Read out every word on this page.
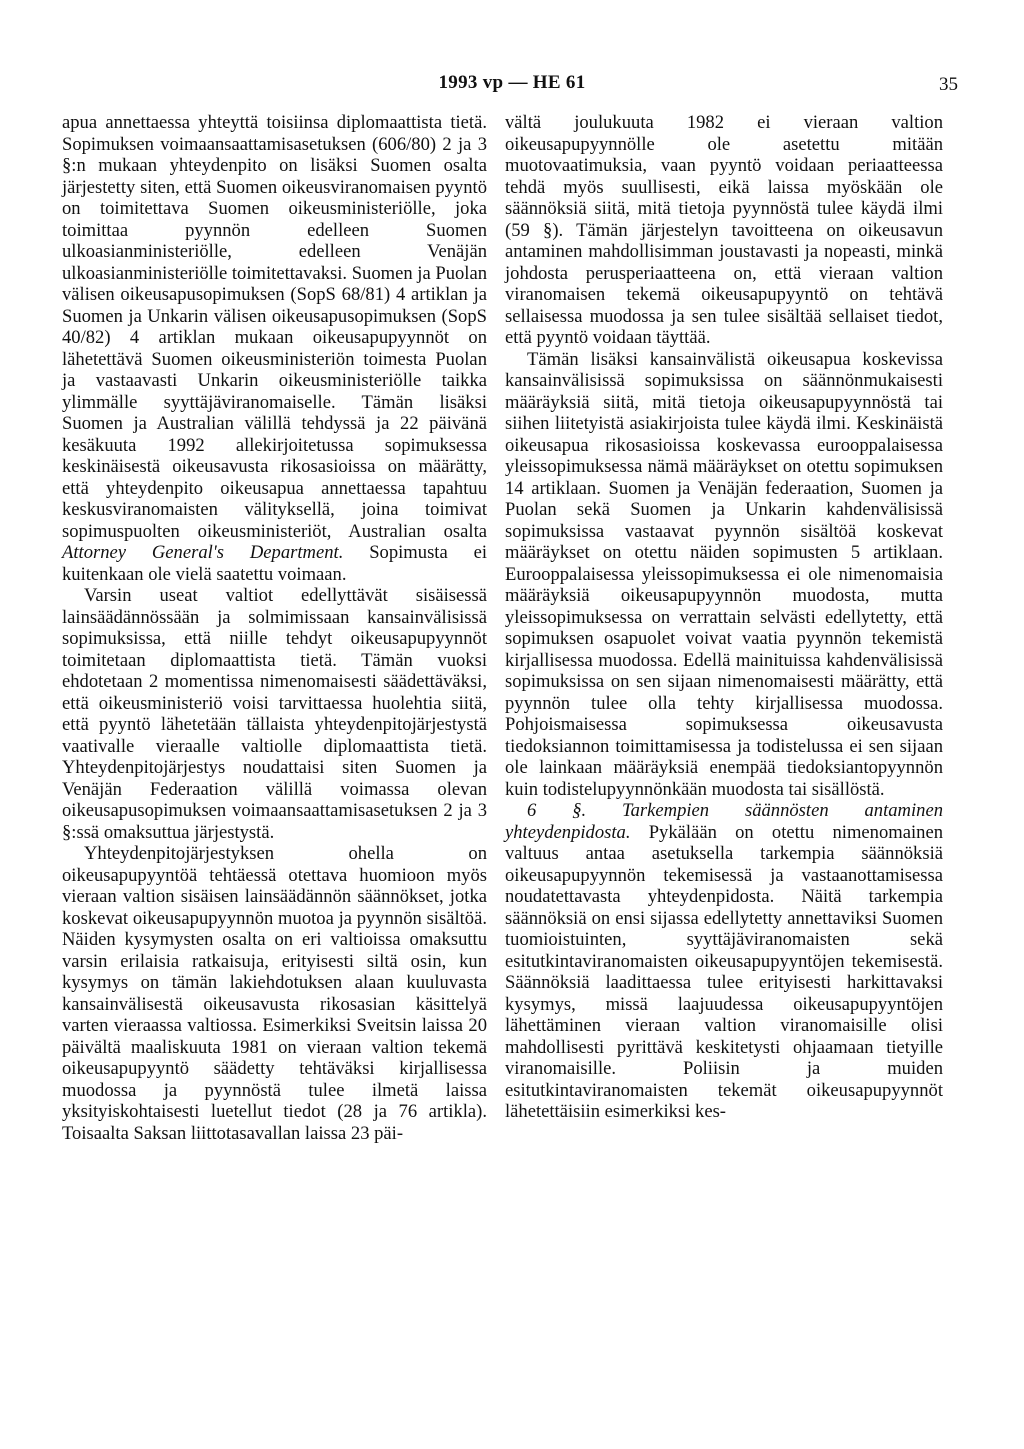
1993 vp — HE 61	35

apua annettaessa yhteyttä toisiinsa diplomaattista tietä. Sopimuksen voimaansaattamisasetuksen (606/80) 2 ja 3 §:n mukaan yhteydenpito on lisäksi Suomen osalta järjestetty siten, että Suomen oikeusviranomaisen pyyntö on toimitettava Suomen oikeusministeriölle, joka toimittaa pyynnön edelleen Suomen ulkoasianministeriölle, edelleen Venäjän ulkoasianministeriölle toimitettavaksi. Suomen ja Puolan välisen oikeusapusopimuksen (SopS 68/81) 4 artiklan ja Suomen ja Unkarin välisen oikeusapusopimuksen (SopS 40/82) 4 artiklan mukaan oikeusapupyynnöt on lähetettävä Suomen oikeusministeriön toimesta Puolan ja vastaavasti Unkarin oikeusministeriölle taikka ylimmälle syyttäjäviranomaiselle. Tämän lisäksi Suomen ja Australian välillä tehdyssä ja 22 päivänä kesäkuuta 1992 allekirjoitetussa sopimuksessa keskinäisestä oikeusavusta rikosasioissa on määrätty, että yhteydenpito oikeusapua annettaessa tapahtuu keskusviranomaisten välityksellä, joina toimivat sopimuspuolten oikeusministeriöt, Australian osalta Attorney General's Department. Sopimusta ei kuitenkaan ole vielä saatettu voimaan.

Varsin useat valtiot edellyttävät sisäisessä lainsäädännössään ja solmimissaan kansainvälisissä sopimuksissa, että niille tehdyt oikeusapupyynnöt toimitetaan diplomaattista tietä. Tämän vuoksi ehdotetaan 2 momentissa nimenomaisesti säädettäväksi, että oikeusministeriö voisi tarvittaessa huolehtia siitä, että pyyntö lähetetään tällaista yhteydenpitojärjestystä vaativalle vieraalle valtiolle diplomaattista tietä. Yhteydenpitojärjestys noudattaisi siten Suomen ja Venäjän Federaation välillä voimassa olevan oikeusapusopimuksen voimaansaattamisasetuksen 2 ja 3 §:ssä omaksuttua järjestystä.

Yhteydenpitojärjestyksen ohella on oikeusapupyyntöä tehtäessä otettava huomioon myös vieraan valtion sisäisen lainsäädännön säännökset, jotka koskevat oikeusapupyynnön muotoa ja pyynnön sisältöä. Näiden kysymysten osalta on eri valtioissa omaksuttu varsin erilaisia ratkaisuja, erityisesti siltä osin, kun kysymys on tämän lakiehdotuksen alaan kuuluvasta kansainvälisestä oikeusavusta rikosasian käsittelyä varten vieraassa valtiossa. Esimerkiksi Sveitsin laissa 20 päivältä maaliskuuta 1981 on vieraan valtion tekemä oikeusapupyyntö säädetty tehtäväksi kirjallisessa muodossa ja pyynnöstä tulee ilmetä laissa yksityiskohtaisesti luetellut tiedot (28 ja 76 artikla). Toisaalta Saksan liittotasavallan laissa 23 päi-

vältä joulukuuta 1982 ei vieraan valtion oikeusapupyynnölle ole asetettu mitään muotovaatimuksia, vaan pyyntö voidaan periaatteessa tehdä myös suullisesti, eikä laissa myöskään ole säännöksiä siitä, mitä tietoja pyynnöstä tulee käydä ilmi (59 §). Tämän järjestelyn tavoitteena on oikeusavun antaminen mahdollisimman joustavasti ja nopeasti, minkä johdosta perusperiaatteena on, että vieraan valtion viranomaisen tekemä oikeusapupyyntö on tehtävä sellaisessa muodossa ja sen tulee sisältää sellaiset tiedot, että pyyntö voidaan täyttää.

Tämän lisäksi kansainvälistä oikeusapua koskevissa kansainvälisissä sopimuksissa on säännönmukaisesti määräyksiä siitä, mitä tietoja oikeusapupyynnöstä tai siihen liitetyistä asiakirjoista tulee käydä ilmi. Keskinäistä oikeusapua rikosasioissa koskevassa eurooppalaisessa yleissopimuksessa nämä määräykset on otettu sopimuksen 14 artiklaan. Suomen ja Venäjän federaation, Suomen ja Puolan sekä Suomen ja Unkarin kahdenvälisissä sopimuksissa vastaavat pyynnön sisältöä koskevat määräykset on otettu näiden sopimusten 5 artiklaan. Eurooppalaisessa yleissopimuksessa ei ole nimenomaisia määräyksiä oikeusapupyynnön muodosta, mutta yleissopimuksessa on verrattain selvästi edellytetty, että sopimuksen osapuolet voivat vaatia pyynnön tekemistä kirjallisessa muodossa. Edellä mainituissa kahdenvälisissä sopimuksissa on sen sijaan nimenomaisesti määrätty, että pyynnön tulee olla tehty kirjallisessa muodossa. Pohjoismaisessa sopimuksessa oikeusavusta tiedoksiannon toimittamisessa ja todistelussa ei sen sijaan ole lainkaan määräyksiä enempää tiedoksiantopyynnön kuin todistelupyynnönkään muodosta tai sisällöstä.

6 §. Tarkempien säännösten antaminen yhteydenpidosta. Pykälään on otettu nimenomainen valtuus antaa asetuksella tarkempia säännöksiä oikeusapupyynnön tekemisessä ja vastaanottamisessa noudatettavasta yhteydenpidosta. Näitä tarkempia säännöksiä on ensi sijassa edellytetty annettaviksi Suomen tuomioistuinten, syyttäjäviranomaisten sekä esitutkintaviranomaisten oikeusapupyyntöjen tekemisestä. Säännöksiä laadittaessa tulee erityisesti harkittavaksi kysymys, missä laajuudessa oikeusapupyyntöjen lähettäminen vieraan valtion viranomaisille olisi mahdollisesti pyrittävä keskitetysti ohjaamaan tietyille viranomaisille. Poliisin ja muiden esitutkintaviranomaisten tekemät oikeusapupyynnöt lähetettäisiin esimerkiksi kes-
